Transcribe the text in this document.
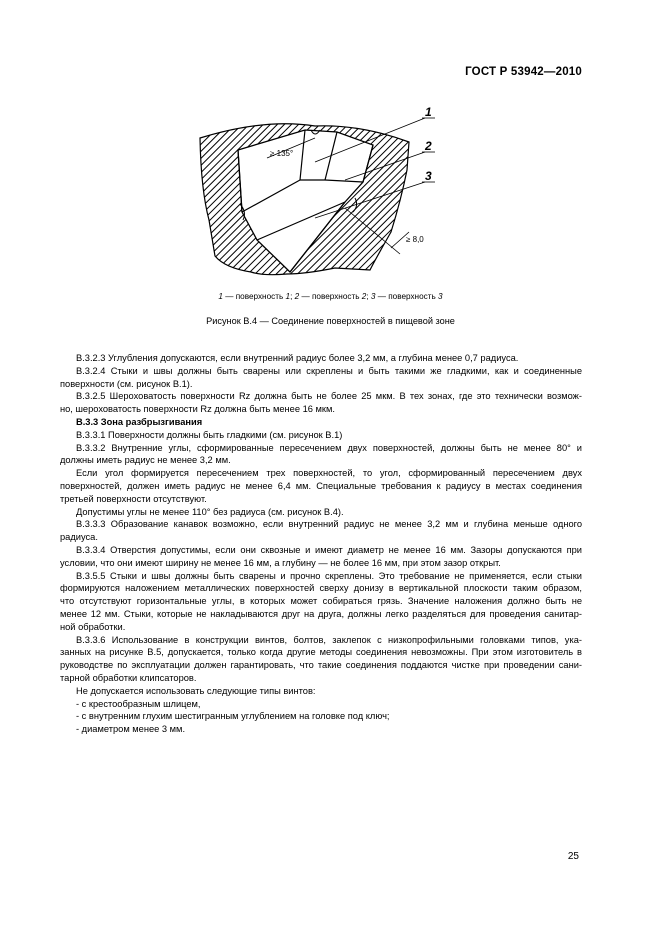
ГОСТ Р 53942—2010
≥ 135°
≥ 8,0
1
2
3
1 — поверхность 1; 2 — поверхность 2; 3 — поверхность 3
Рисунок В.4 — Соединение поверхностей в пищевой зоне
В.3.2.3 Углубления допускаются, если внутренний радиус более 3,2 мм, а глубина менее 0,7 радиуса.
В.3.2.4 Стыки и швы должны быть сварены или скреплены и быть такими же гладкими, как и соединенные
поверхности (см. рисунок В.1).
В.3.2.5 Шероховатость поверхности Rz должна быть не более 25 мкм. В тех зонах, где это технически возмож-
но, шероховатость поверхности Rz должна быть менее 16 мкм.
В.3.3 Зона разбрызгивания
В.3.3.1 Поверхности должны быть гладкими (см. рисунок В.1)
В.3.3.2 Внутренние углы, сформированные пересечением двух поверхностей, должны быть не менее 80° и
должны иметь радиус не менее 3,2 мм.
Если угол формируется пересечением трех поверхностей, то угол, сформированный пересечением двух
поверхностей, должен иметь радиус не менее 6,4 мм. Специальные требования к радиусу в местах соединения
третьей поверхности отсутствуют.
Допустимы углы не менее 110° без радиуса (см. рисунок В.4).
В.3.3.3 Образование канавок возможно, если внутренний радиус не менее 3,2 мм и глубина меньше одного
радиуса.
В.3.3.4 Отверстия допустимы, если они сквозные и имеют диаметр не менее 16 мм. Зазоры допускаются при
условии, что они имеют ширину не менее 16 мм, а глубину — не более 16 мм, при этом зазор открыт.
В.3.5.5 Стыки и швы должны быть сварены и прочно скреплены. Это требование не применяется, если стыки
формируются наложением металлических поверхностей сверху донизу в вертикальной плоскости таким образом,
что отсутствуют горизонтальные углы, в которых может собираться грязь. Значение наложения должно быть не
менее 12 мм. Стыки, которые не накладываются друг на друга, должны легко разделяться для проведения санитар-
ной обработки.
В.3.3.6 Использование в конструкции винтов, болтов, заклепок с низкопрофильными головками типов, ука-
занных на рисунке В.5, допускается, только когда другие методы соединения невозможны. При этом изготовитель в
руководстве по эксплуатации должен гарантировать, что такие соединения поддаются чистке при проведении сани-
тарной обработки клипсаторов.
Не допускается использовать следующие типы винтов:
- с крестообразным шлицем,
- с внутренним глухим шестигранным углублением на головке под ключ;
- диаметром менее 3 мм.
25
